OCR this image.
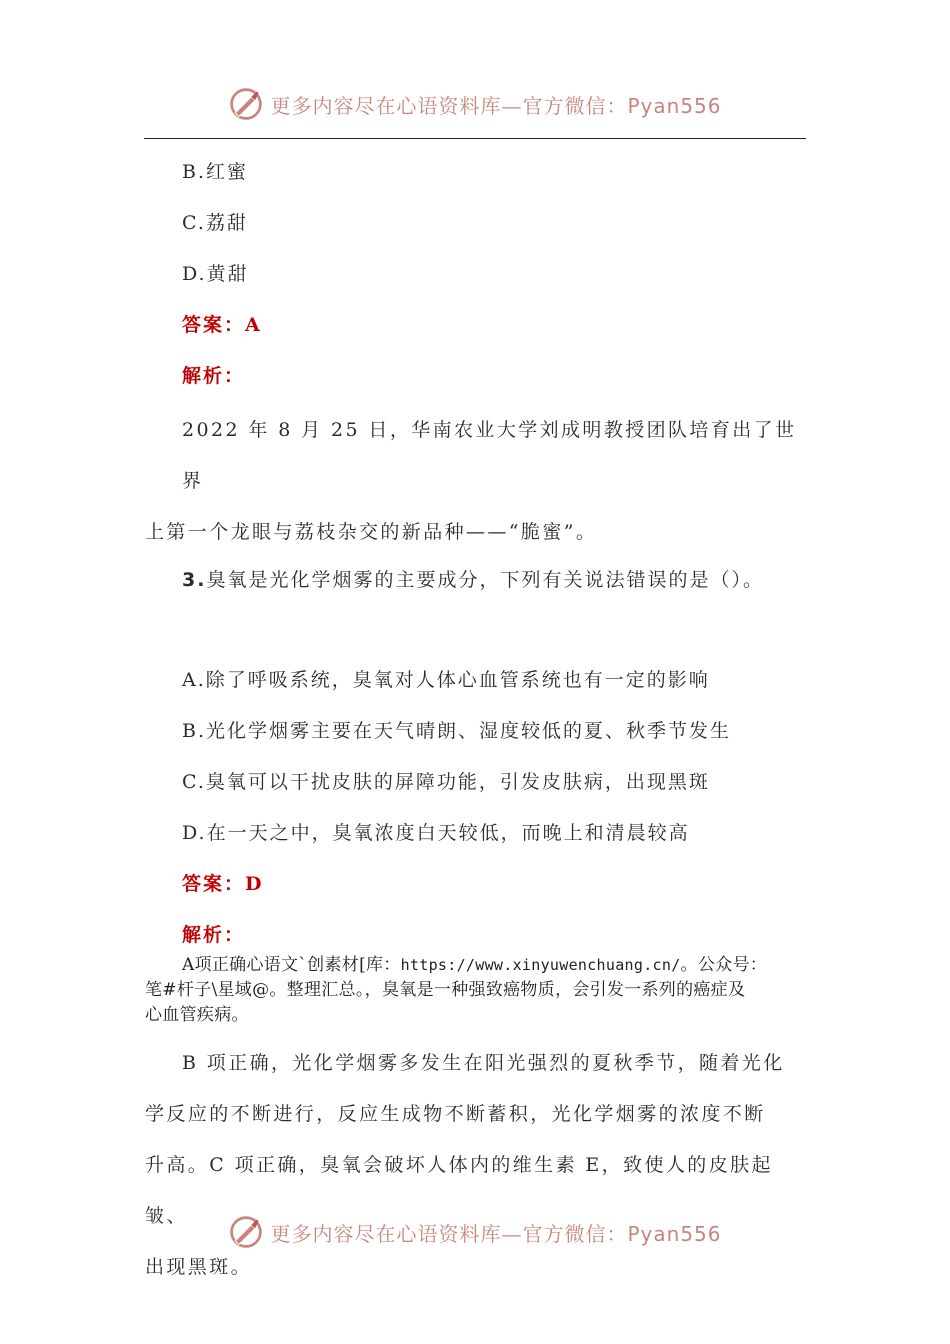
更多内容尽在心语资料库—官方微信：Pyan556
B.红蜜
C.荔甜
D.黄甜
答案：A
解析：
2022 年 8 月 25 日，华南农业大学刘成明教授团队培育出了世界
上第一个龙眼与荔枝杂交的新品种——“脆蜜”。
3.臭氧是光化学烟雾的主要成分，下列有关说法错误的是（）。
A.除了呼吸系统，臭氧对人体心血管系统也有一定的影响
B.光化学烟雾主要在天气晴朗、湿度较低的夏、秋季节发生
C.臭氧可以干扰皮肤的屏障功能，引发皮肤病，出现黑斑
D.在一天之中，臭氧浓度白天较低，而晚上和清晨较高
答案：D
解析：
A项正确心语文`创素材[库：https://www.xinyuwenchuang.cn/。公众号：
笔#杆子\星域@。整理汇总。，臭氧是一种强致癌物质，会引发一系列的癌症及
心血管疾病。
B 项正确，光化学烟雾多发生在阳光强烈的夏秋季节，随着光化
学反应的不断进行，反应生成物不断蓄积，光化学烟雾的浓度不断
升高。C 项正确，臭氧会破坏人体内的维生素 E，致使人的皮肤起皱、
出现黑斑。
更多内容尽在心语资料库—官方微信：Pyan556
